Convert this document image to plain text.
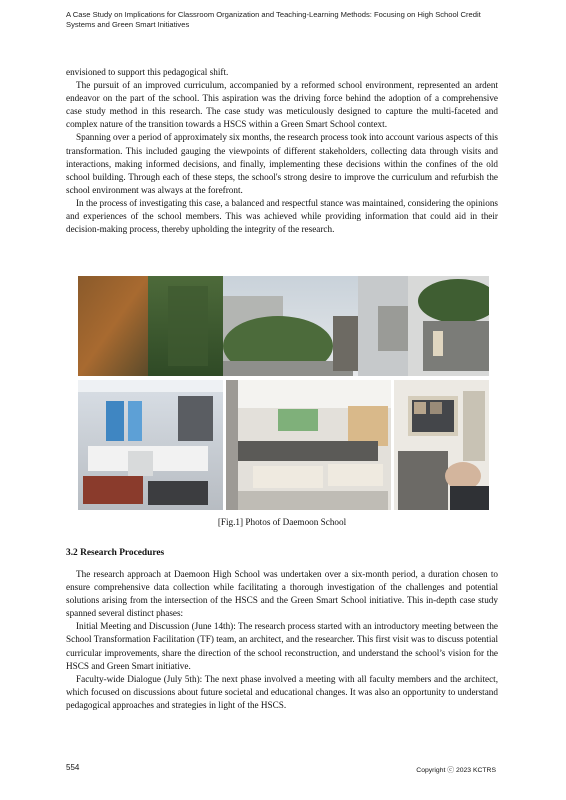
A Case Study on Implications for Classroom Organization and Teaching-Learning Methods: Focusing on High School Credit Systems and Green Smart Initiatives

envisioned to support this pedagogical shift.

The pursuit of an improved curriculum, accompanied by a reformed school environment, represented an ardent endeavor on the part of the school. This aspiration was the driving force behind the adoption of a comprehensive case study method in this research. The case study was meticulously designed to capture the multi-faceted and complex nature of the transition towards a HSCS within a Green Smart School context.

Spanning over a period of approximately six months, the research process took into account various aspects of this transformation. This included gauging the viewpoints of different stakeholders, collecting data through visits and interactions, making informed decisions, and finally, implementing these decisions within the confines of the old school building. Through each of these steps, the school's strong desire to improve the curriculum and refurbish the school environment was always at the forefront.

In the process of investigating this case, a balanced and respectful stance was maintained, considering the opinions and experiences of the school members. This was achieved while providing information that could aid in their decision-making process, thereby upholding the integrity of the research.

[Fig.1] Photos of Daemoon School
3.2 Research Procedures

The research approach at Daemoon High School was undertaken over a six-month period, a duration chosen to ensure comprehensive data collection while facilitating a thorough investigation of the challenges and potential solutions arising from the intersection of the HSCS and the Green Smart School initiative. This in-depth case study spanned several distinct phases:

Initial Meeting and Discussion (June 14th): The research process started with an introductory meeting between the School Transformation Facilitation (TF) team, an architect, and the researcher. This first visit was to discuss potential curricular improvements, share the direction of the school reconstruction, and understand the school’s vision for the HSCS and Green Smart initiative.

Faculty-wide Dialogue (July 5th): The next phase involved a meeting with all faculty members and the architect, which focused on discussions about future societal and educational changes. It was also an opportunity to understand pedagogical approaches and strategies in light of the HSCS.

554	Copyright ⓒ 2023 KCTRS
